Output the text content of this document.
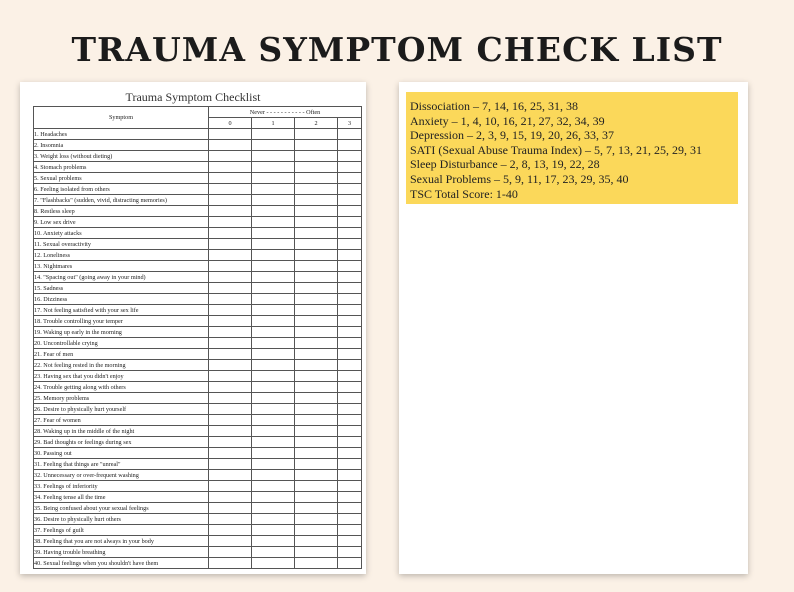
TRAUMA SYMPTOM CHECK LIST
Trauma Symptom Checklist
Symptom	Never - - - - - - - - - - - Often			
	0	1	2	3
1. Headaches				
2. Insomnia				
3. Weight loss (without dieting)				
4. Stomach problems				
5. Sexual problems				
6. Feeling isolated from others				
7. "Flashbacks" (sudden, vivid, distracting memories)				
8. Restless sleep				
9. Low sex drive				
10. Anxiety attacks				
11. Sexual overactivity				
12. Loneliness				
13. Nightmares				
14. "Spacing out" (going away in your mind)				
15. Sadness				
16. Dizziness				
17. Not feeling satisfied with your sex life				
18. Trouble controlling your temper				
19. Waking up early in the morning				
20. Uncontrollable crying				
21. Fear of men				
22. Not feeling rested in the morning				
23. Having sex that you didn't enjoy				
24. Trouble getting along with others				
25. Memory problems				
26. Desire to physically hurt yourself				
27. Fear of women				
28. Waking up in the middle of the night				
29. Bad thoughts or feelings during sex				
30. Passing out				
31. Feeling that things are "unreal"				
32. Unnecessary or over-frequent washing				
33. Feelings of inferiority				
34. Feeling tense all the time				
35. Being confused about your sexual feelings				
36. Desire to physically hurt others				
37. Feelings of guilt				
38. Feeling that you are not always in your body				
39. Having trouble breathing				
40. Sexual feelings when you shouldn't have them				
Dissociation – 7, 14, 16, 25, 31, 38
Anxiety – 1, 4, 10, 16, 21, 27, 32, 34, 39
Depression – 2, 3, 9, 15, 19, 20, 26, 33, 37
SATI (Sexual Abuse Trauma Index) – 5, 7, 13, 21, 25, 29, 31
Sleep Disturbance – 2, 8, 13, 19, 22, 28
Sexual Problems – 5, 9, 11, 17, 23, 29, 35, 40
TSC Total Score: 1-40
